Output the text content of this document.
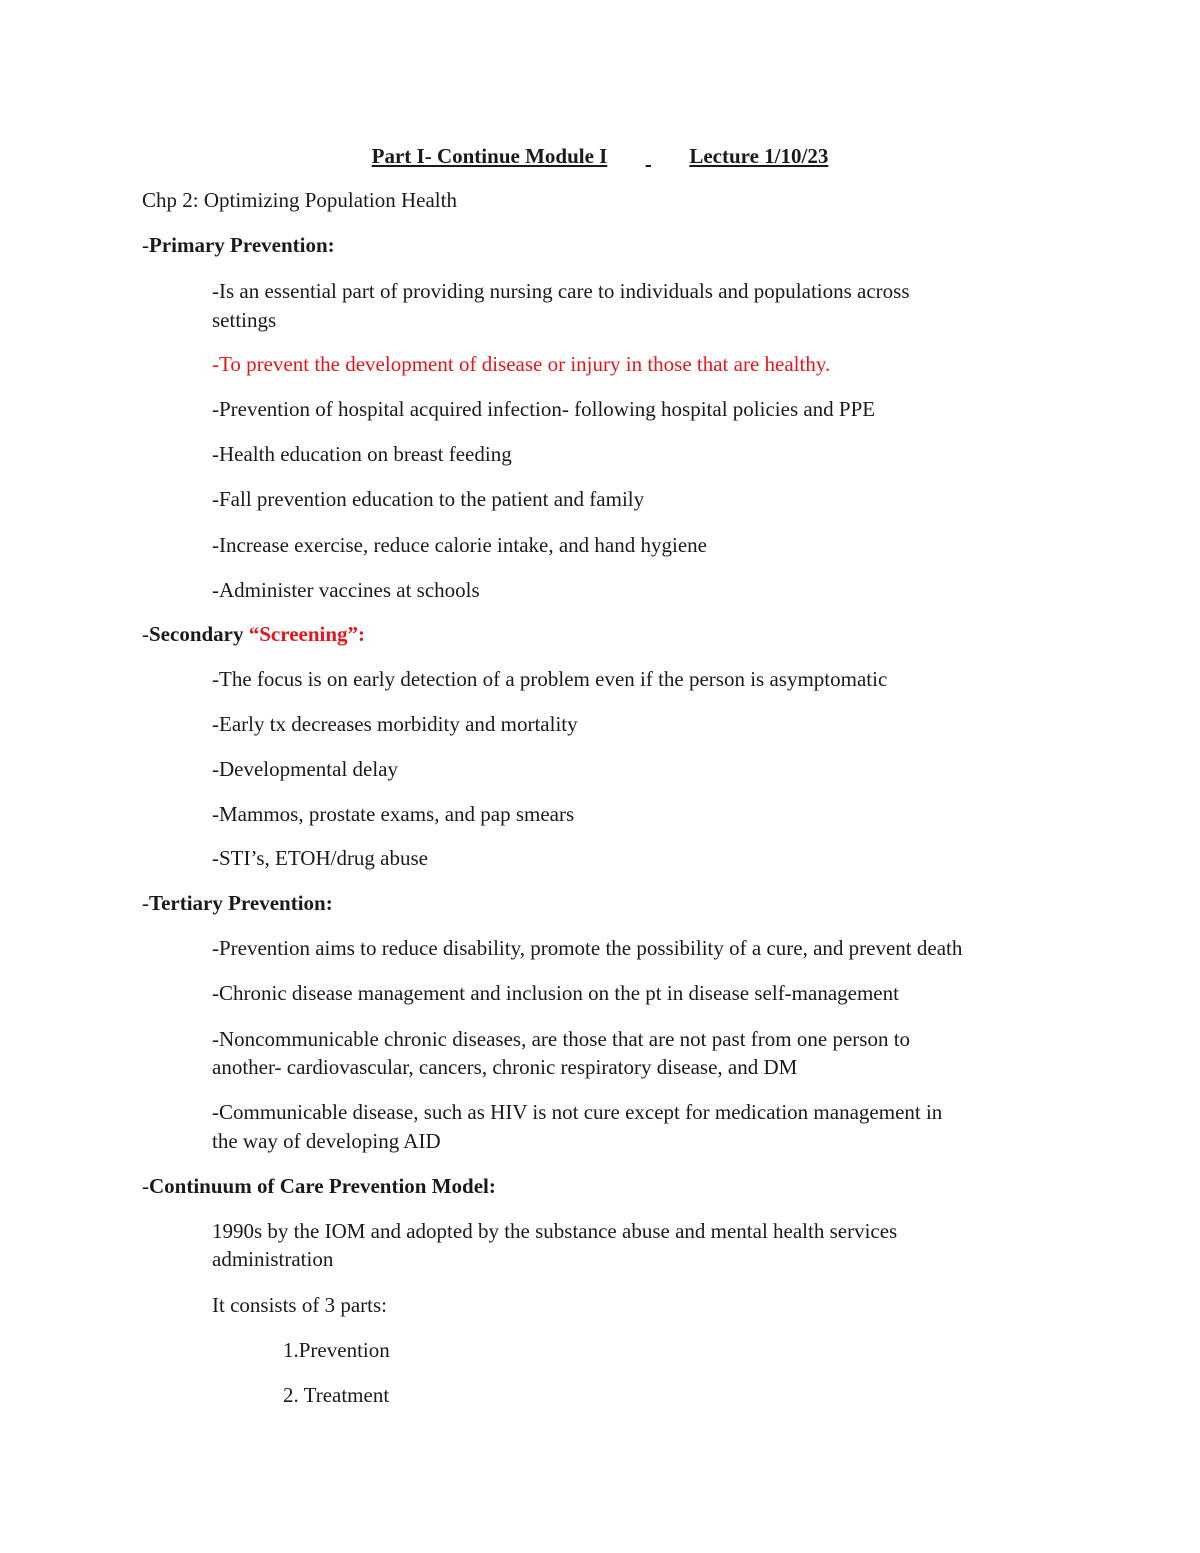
Part I- Continue Module I	Lecture 1/10/23
Chp 2: Optimizing Population Health
-Primary Prevention:
-Is an essential part of providing nursing care to individuals and populations across
settings
-To prevent the development of disease or injury in those that are healthy.
-Prevention of hospital acquired infection- following hospital policies and PPE
-Health education on breast feeding
-Fall prevention education to the patient and family
-Increase exercise, reduce calorie intake, and hand hygiene
-Administer vaccines at schools
-Secondary “Screening”:
-The focus is on early detection of a problem even if the person is asymptomatic
-Early tx decreases morbidity and mortality
-Developmental delay
-Mammos, prostate exams, and pap smears
-STI’s, ETOH/drug abuse
-Tertiary Prevention:
-Prevention aims to reduce disability, promote the possibility of a cure, and prevent death
-Chronic disease management and inclusion on the pt in disease self-management
-Noncommunicable chronic diseases, are those that are not past from one person to
another- cardiovascular, cancers, chronic respiratory disease, and DM
-Communicable disease, such as HIV is not cure except for medication management in
the way of developing AID
-Continuum of Care Prevention Model:
1990s by the IOM and adopted by the substance abuse and mental health services
administration
It consists of 3 parts:
1.Prevention
2. Treatment
